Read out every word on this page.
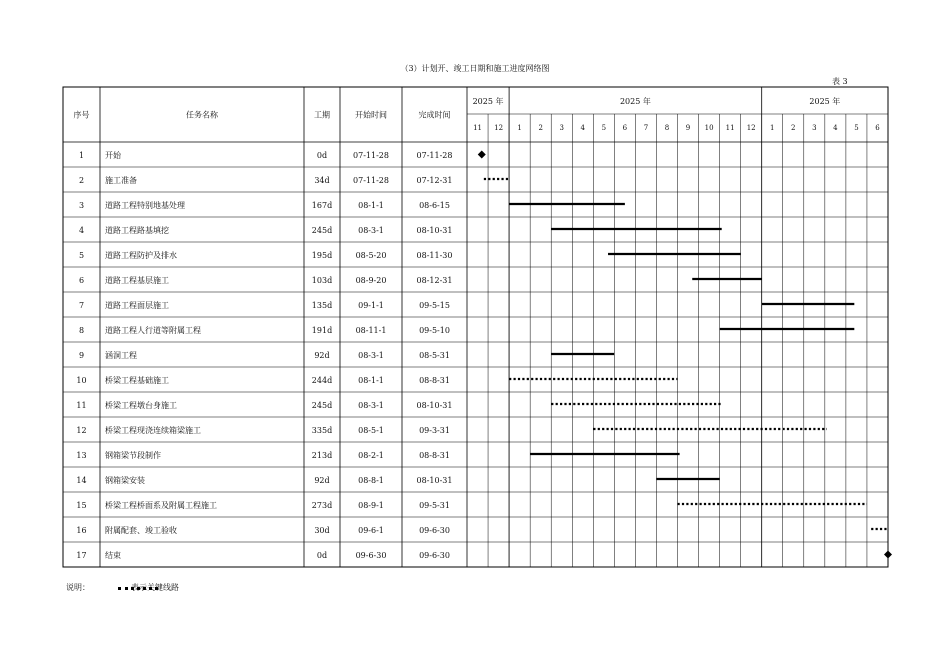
（3）计划开、竣工日期和施工进度网络图
表 3
序号	任务名称	工期	开始时间	完成时间
2025 年	2025 年	2025 年
11 12 1 2 3 4 5 6 7 8 9 10 11 12 1 2 3 4 5 6
1	开始	0d	07-11-28	07-11-28
2	施工准备	34d	07-11-28	07-12-31
3	道路工程特别地基处理	167d	08-1-1	08-6-15
4	道路工程路基填挖	245d	08-3-1	08-10-31
5	道路工程防护及排水	195d	08-5-20	08-11-30
6	道路工程基层施工	103d	08-9-20	08-12-31
7	道路工程面层施工	135d	09-1-1	09-5-15
8	道路工程人行道等附属工程	191d	08-11-1	09-5-10
9	涵洞工程	92d	08-3-1	08-5-31
10 桥梁工程基础施工	244d	08-1-1	08-8-31
11 桥梁工程墩台身施工	245d	08-3-1	08-10-31
12 桥梁工程现浇连续箱梁施工	335d	08-5-1	09-3-31
13 钢箱梁节段制作	213d	08-2-1	08-8-31
14 钢箱梁安装	92d	08-8-1	08-10-31
15 桥梁工程桥面系及附属工程施工	273d	08-9-1	09-5-31
16 附属配套、竣工验收	30d	09-6-1	09-6-30
17 结束	0d	09-6-30	09-6-30
说明：	表示关键线路
